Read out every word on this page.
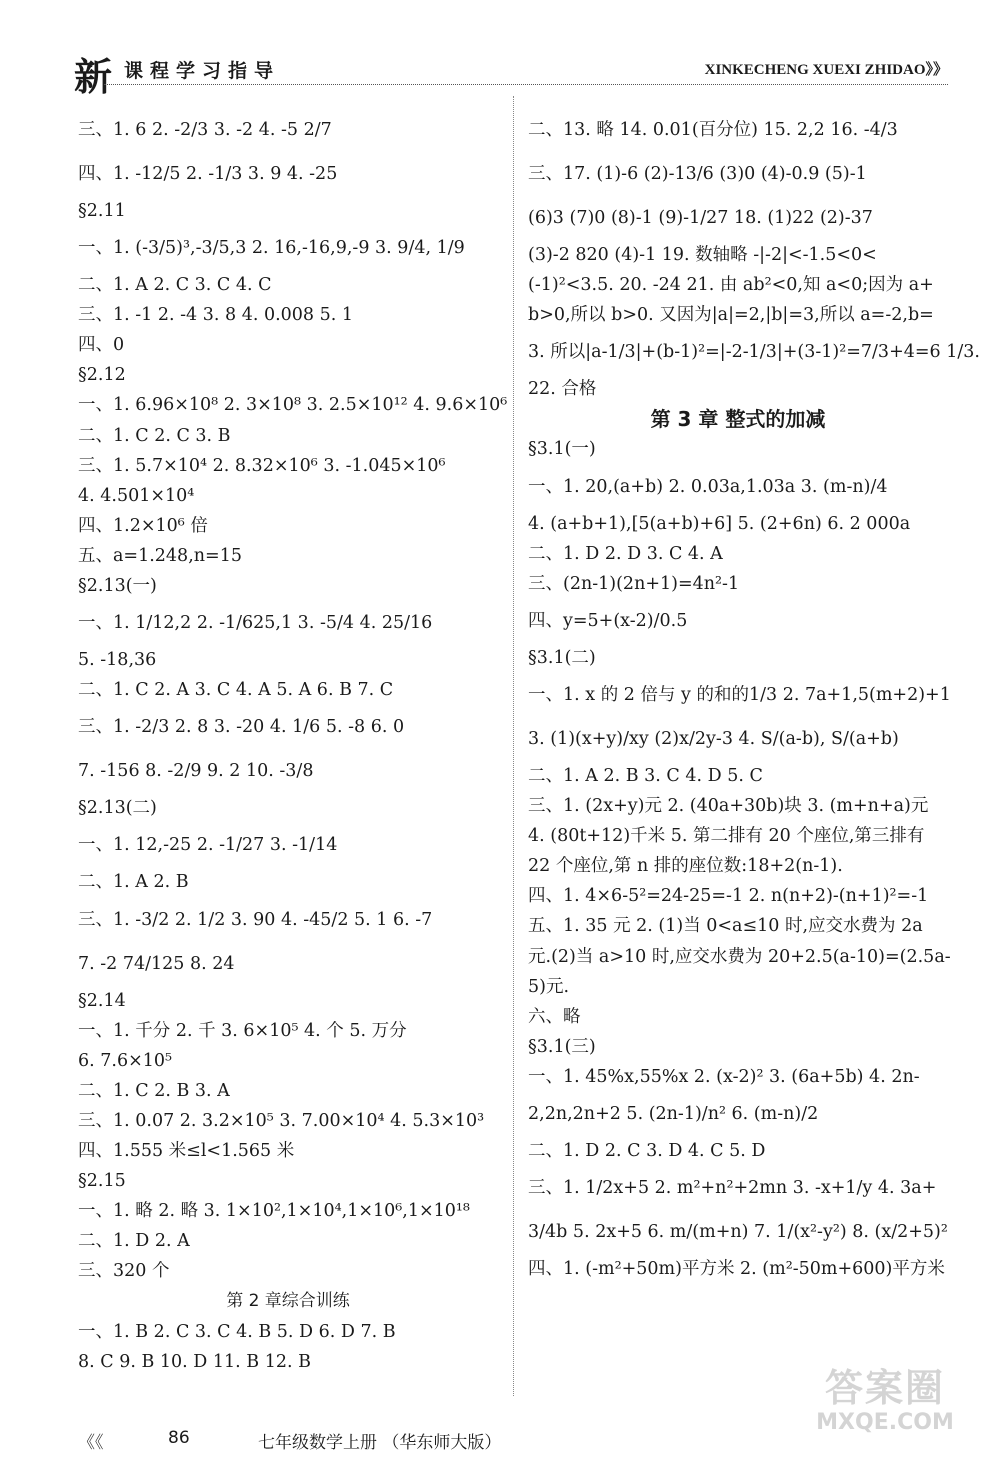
新 课程学习指导	XINKECHENG XUEXI ZHIDAO》》
三、1. 6 2. -2/3 3. -2 4. -5 2/7
四、1. -12/5 2. -1/3 3. 9 4. -25
§2.11
一、1. (-3/5)³,-3/5,3 2. 16,-16,9,-9 3. 9/4, 1/9
二、1. A 2. C 3. C 4. C
三、1. -1 2. -4 3. 8 4. 0.008 5. 1
四、0
§2.12
一、1. 6.96×10⁸ 2. 3×10⁸ 3. 2.5×10¹² 4. 9.6×10⁶
二、1. C 2. C 3. B
三、1. 5.7×10⁴ 2. 8.32×10⁶ 3. -1.045×10⁶
4. 4.501×10⁴
四、1.2×10⁶ 倍
五、a=1.248,n=15
§2.13(一)
一、1. 1/12,2 2. -1/625,1 3. -5/4 4. 25/16
5. -18,36
二、1. C 2. A 3. C 4. A 5. A 6. B 7. C
三、1. -2/3 2. 8 3. -20 4. 1/6 5. -8 6. 0
7. -156 8. -2/9 9. 2 10. -3/8
§2.13(二)
一、1. 12,-25 2. -1/27 3. -1/14
二、1. A 2. B
三、1. -3/2 2. 1/2 3. 90 4. -45/2 5. 1 6. -7
7. -2 74/125 8. 24
§2.14
一、1. 千分 2. 千 3. 6×10⁵ 4. 个 5. 万分
6. 7.6×10⁵
二、1. C 2. B 3. A
三、1. 0.07 2. 3.2×10⁵ 3. 7.00×10⁴ 4. 5.3×10³
四、1.555 米≤l<1.565 米
§2.15
一、1. 略 2. 略 3. 1×10²,1×10⁴,1×10⁶,1×10¹⁸
二、1. D 2. A
三、320 个
第 2 章综合训练
一、1. B 2. C 3. C 4. B 5. D 6. D 7. B
8. C 9. B 10. D 11. B 12. B
二、13. 略 14. 0.01(百分位) 15. 2,2 16. -4/3
三、17. (1)-6 (2)-13/6 (3)0 (4)-0.9 (5)-1
(6)3 (7)0 (8)-1 (9)-1/27 18. (1)22 (2)-37
(3)-2 820 (4)-1 19. 数轴略 -|-2|<-1.5<0<
(-1)²<3.5. 20. -24 21. 由 ab²<0,知 a<0;因为 a+
b>0,所以 b>0. 又因为|a|=2,|b|=3,所以 a=-2,b=
3. 所以|a-1/3|+(b-1)²=|-2-1/3|+(3-1)²=7/3+4=6 1/3.
22. 合格
第 3 章 整式的加减
§3.1(一)
一、1. 20,(a+b) 2. 0.03a,1.03a 3. (m-n)/4
4. (a+b+1),[5(a+b)+6] 5. (2+6n) 6. 2 000a
二、1. D 2. D 3. C 4. A
三、(2n-1)(2n+1)=4n²-1
四、y=5+(x-2)/0.5
§3.1(二)
一、1. x 的 2 倍与 y 的和的1/3 2. 7a+1,5(m+2)+1
3. (1)(x+y)/xy (2)x/2y-3 4. S/(a-b), S/(a+b)
二、1. A 2. B 3. C 4. D 5. C
三、1. (2x+y)元 2. (40a+30b)块 3. (m+n+a)元
4. (80t+12)千米 5. 第二排有 20 个座位,第三排有
22 个座位,第 n 排的座位数:18+2(n-1).
四、1. 4×6-5²=24-25=-1 2. n(n+2)-(n+1)²=-1
五、1. 35 元 2. (1)当 0<a≤10 时,应交水费为 2a
元.(2)当 a>10 时,应交水费为 20+2.5(a-10)=(2.5a-
5)元.
六、略
§3.1(三)
一、1. 45%x,55%x 2. (x-2)² 3. (6a+5b) 4. 2n-
2,2n,2n+2 5. (2n-1)/n² 6. (m-n)/2
二、1. D 2. C 3. D 4. C 5. D
三、1. 1/2x+5 2. m²+n²+2mn 3. -x+1/y 4. 3a+
3/4b 5. 2x+5 6. m/(m+n) 7. 1/(x²-y²) 8. (x/2+5)²
四、1. (-m²+50m)平方米 2. (m²-50m+600)平方米
《《	86	七年级数学上册 （华东师大版）
答案圈
MXQE.COM
